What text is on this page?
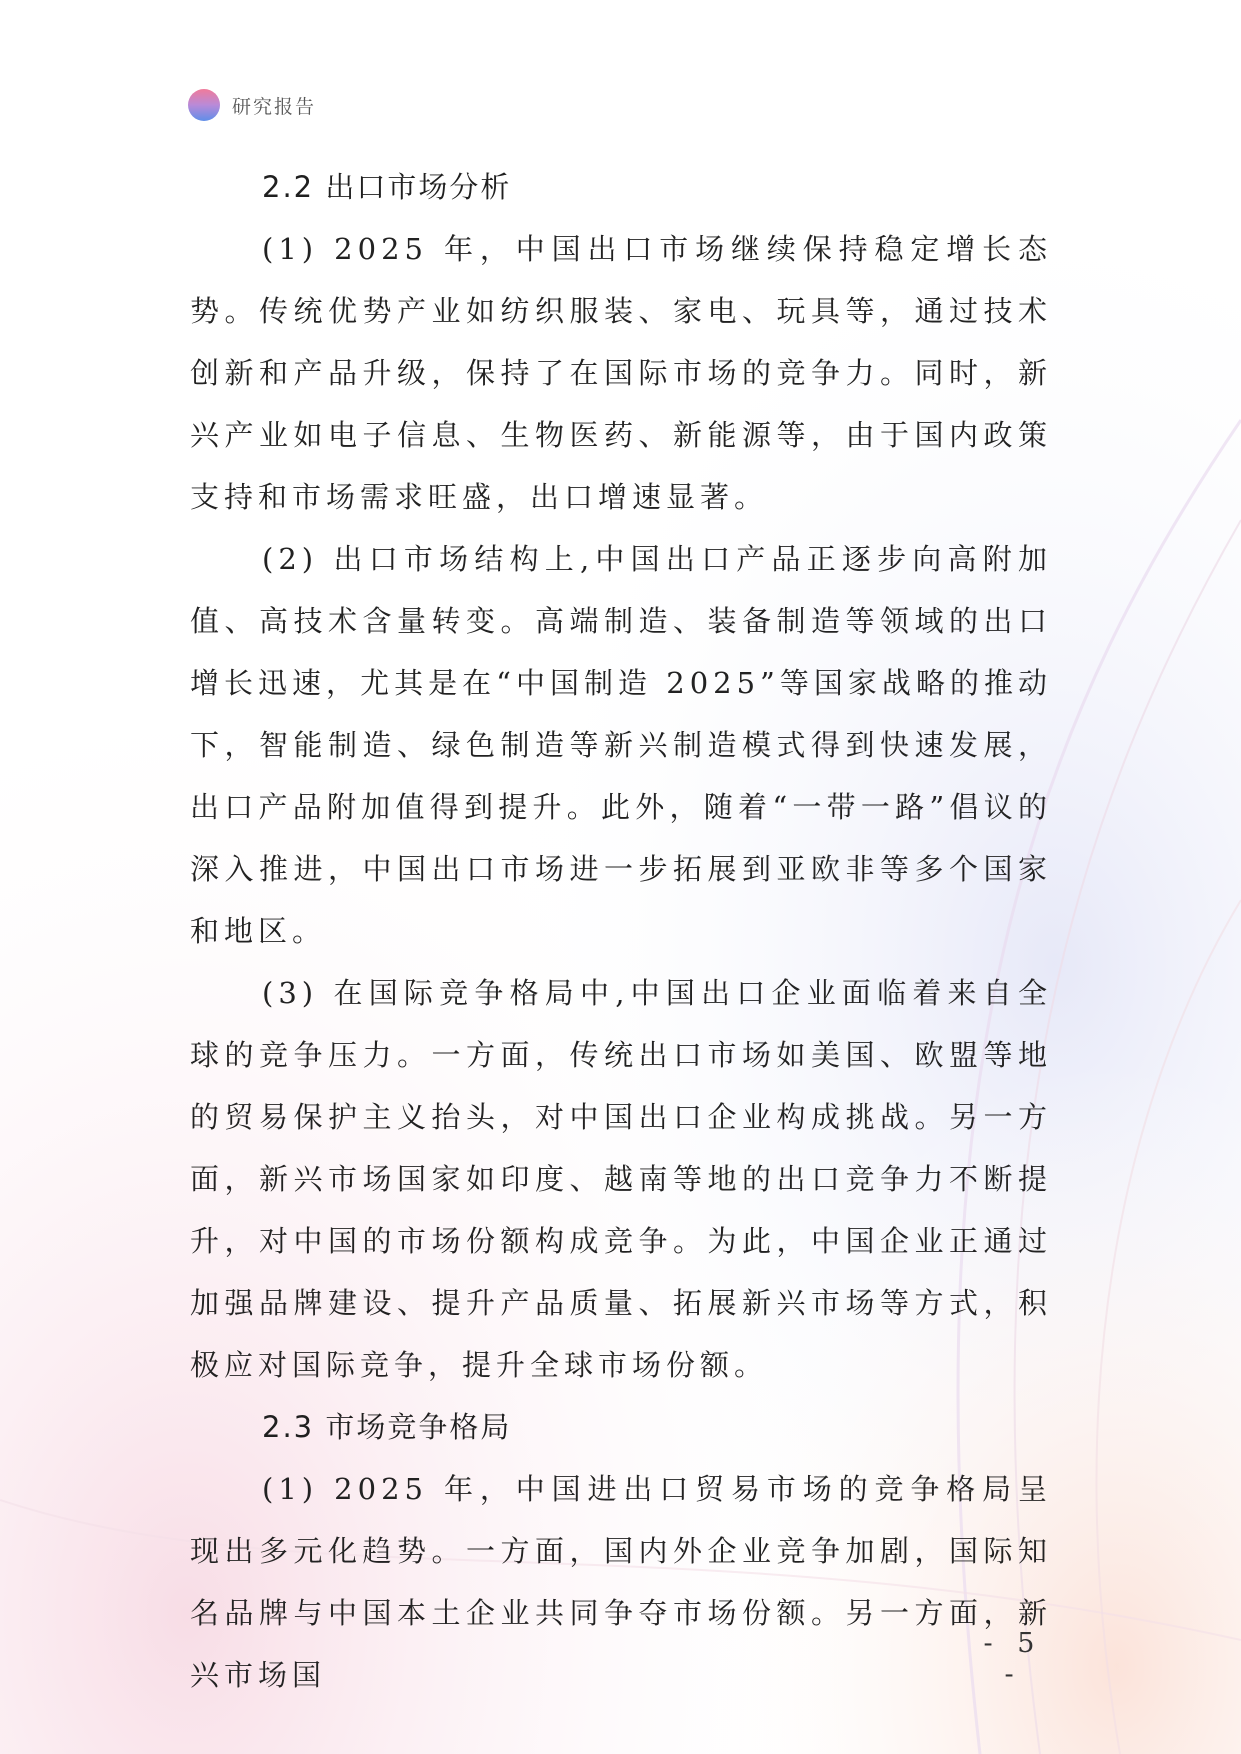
研究报告
2.2 出口市场分析

(1) 2025 年，中国出口市场继续保持稳定增长态势。传统优势产业如纺织服装、家电、玩具等，通过技术创新和产品升级，保持了在国际市场的竞争力。同时，新兴产业如电子信息、生物医药、新能源等，由于国内政策支持和市场需求旺盛，出口增速显著。

(2) 出口市场结构上,中国出口产品正逐步向高附加值、高技术含量转变。高端制造、装备制造等领域的出口增长迅速，尤其是在“中国制造 2025”等国家战略的推动下，智能制造、绿色制造等新兴制造模式得到快速发展，出口产品附加值得到提升。此外，随着“一带一路”倡议的深入推进，中国出口市场进一步拓展到亚欧非等多个国家和地区。

(3) 在国际竞争格局中,中国出口企业面临着来自全球的竞争压力。一方面，传统出口市场如美国、欧盟等地的贸易保护主义抬头，对中国出口企业构成挑战。另一方面，新兴市场国家如印度、越南等地的出口竞争力不断提升，对中国的市场份额构成竞争。为此，中国企业正通过加强品牌建设、提升产品质量、拓展新兴市场等方式，积极应对国际竞争，提升全球市场份额。

2.3 市场竞争格局

(1) 2025 年，中国进出口贸易市场的竞争格局呈现出多元化趋势。一方面，国内外企业竞争加剧，国际知名品牌与中国本土企业共同争夺市场份额。另一方面，新兴市场国

- 5 -
